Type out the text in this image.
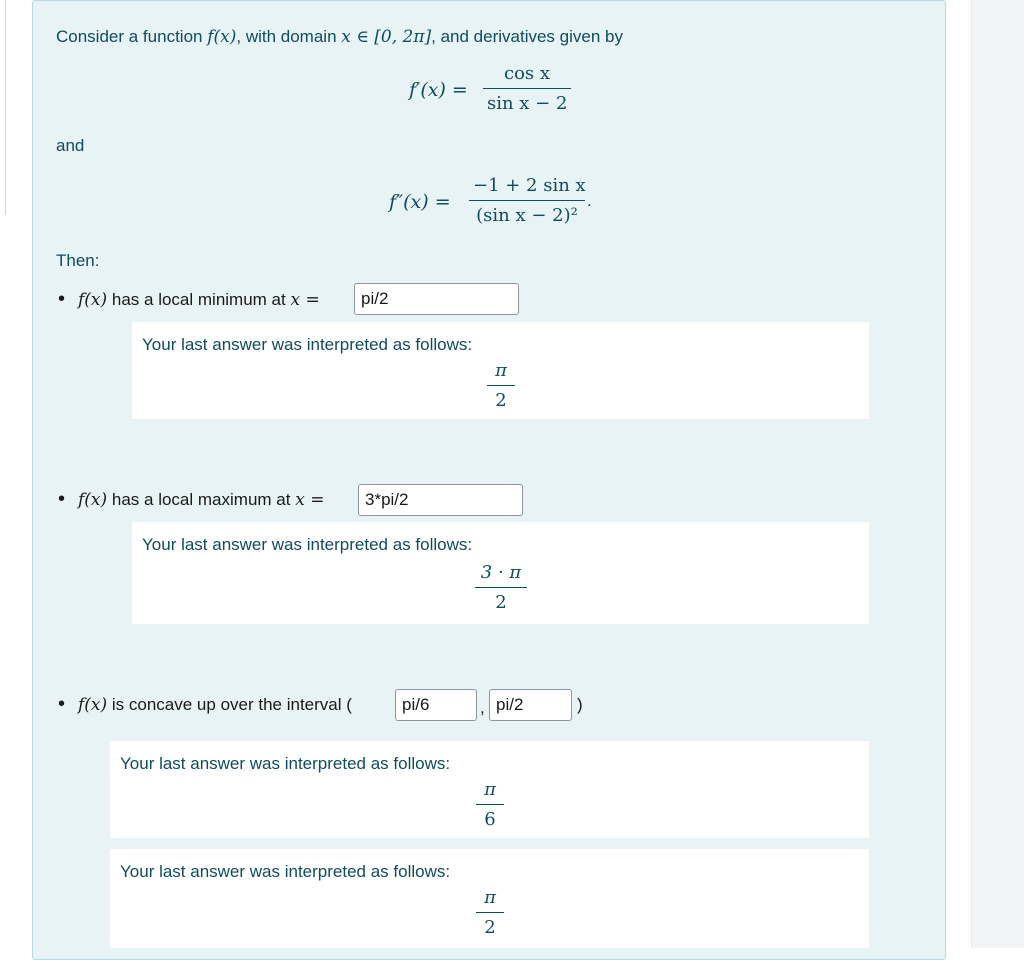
Consider a function f(x), with domain x ∈ [0, 2π], and derivatives given by
f′(x) =
cos x
sin x − 2
and
f″(x) =
−1 + 2 sin x
(sin x − 2)²
.
Then:
• f(x) has a local minimum at x =	pi/2
Your last answer was interpreted as follows:
π
2
• f(x) has a local maximum at x =	3*pi/2
Your last answer was interpreted as follows:
3 · π
2
• f(x) is concave up over the interval (	pi/6	, pi/2	)
Your last answer was interpreted as follows:
π
6
Your last answer was interpreted as follows:
π
2
